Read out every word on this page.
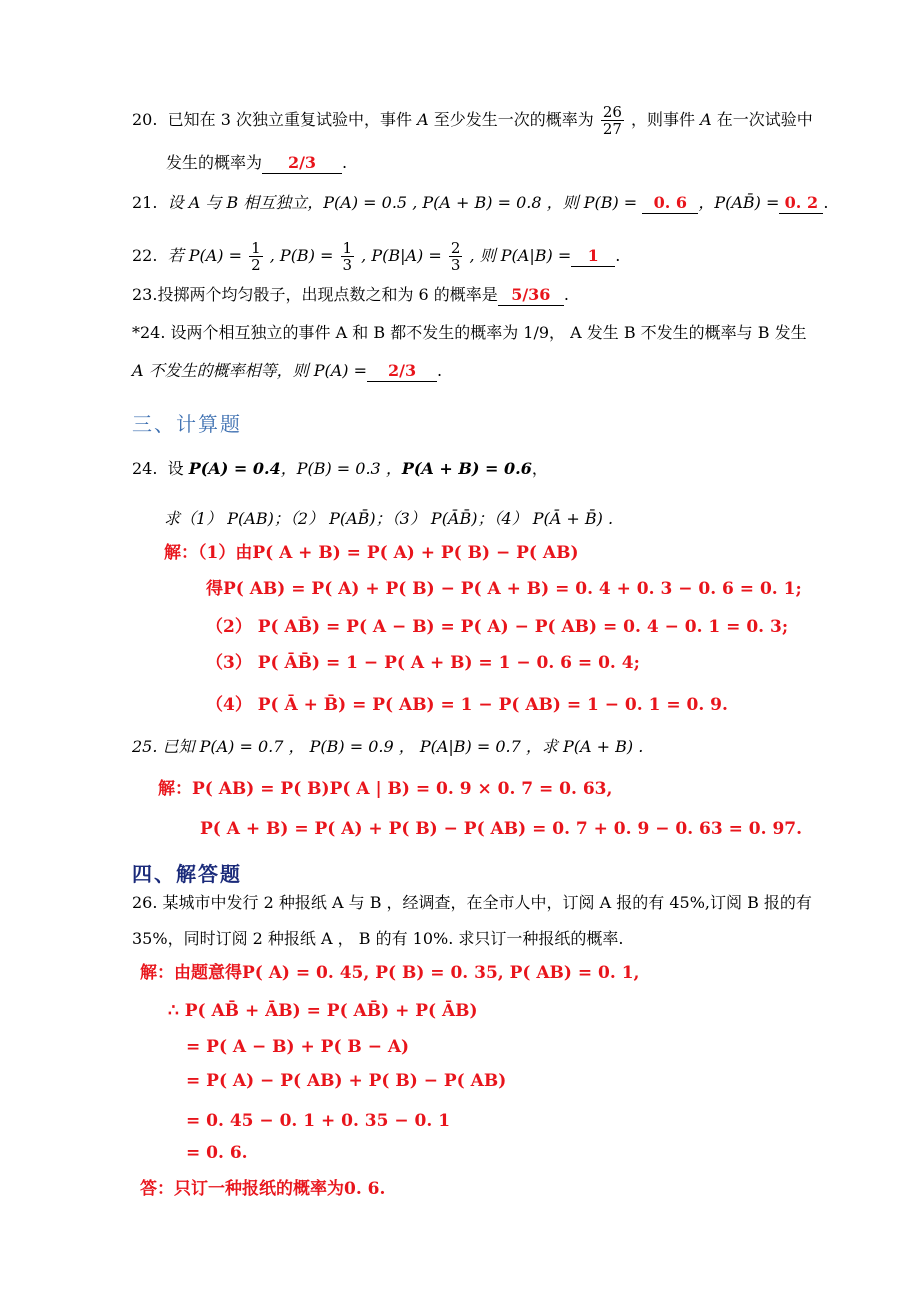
20. 已知在 3 次独立重复试验中，事件 A 至少发生一次的概率为 $\frac{26}{27}$ ，则事件 A 在一次试验中
发生的概率为 2/3 .
21. 设 A 与 B 相互独立，P(A) = 0.5 , P(A + B) = 0.8 ，则 P(B) = 0. 6 ，P(AB̄) = 0. 2 .
22. 若 $P(A) = \frac{1}{2}$ , $P(B) = \frac{1}{3}$ , $P(B|A) = \frac{2}{3}$ , 则 P(A|B) = 1 .
23.投掷两个均匀骰子，出现点数之和为 6 的概率是 5/36 .
*24. 设两个相互独立的事件 A 和 B 都不发生的概率为 1/9， A 发生 B 不发生的概率与 B 发生
A 不发生的概率相等，则 P(A) = 2/3 .
三、计算题
24. 设 P(A) = 0.4，P(B) = 0.3 ，P(A + B) = 0.6，
求（1） P(AB)；（2） P(AB̄)；（3） P(ĀB̄)；（4） P(Ā + B̄) .
解：（1）由P( A + B) = P( A) + P( B) − P( AB)
得P( AB) = P( A) + P( B) − P( A + B) = 0. 4 + 0. 3 − 0. 6 = 0. 1;
（2） P( AB̄) = P( A − B) = P( A) − P( AB) = 0. 4 − 0. 1 = 0. 3;
（3） P( ĀB̄) = 1 − P( A + B) = 1 − 0. 6 = 0. 4;
（4） P( Ā + B̄) = P( AB) = 1 − P( AB) = 1 − 0. 1 = 0. 9.
25. 已知 P(A) = 0.7 ， P(B) = 0.9 ， P(A|B) = 0.7 ，求 P(A + B) .
解：P( AB) = P( B)P( A | B) = 0. 9 × 0. 7 = 0. 63,
P( A + B) = P( A) + P( B) − P( AB) = 0. 7 + 0. 9 − 0. 63 = 0. 97.
四、解答题
26. 某城市中发行 2 种报纸 A 与 B ，经调查，在全市人中，订阅 A 报的有 45%,订阅 B 报的有
35%，同时订阅 2 种报纸 A ， B 的有 10%. 求只订一种报纸的概率.
解：由题意得P( A) = 0. 45, P( B) = 0. 35, P( AB) = 0. 1,
∴ P( AB̄ + ĀB) = P( AB̄) + P( ĀB)
= P( A − B) + P( B − A)
= P( A) − P( AB) + P( B) − P( AB)
= 0. 45 − 0. 1 + 0. 35 − 0. 1
= 0. 6.
答：只订一种报纸的概率为0. 6.
